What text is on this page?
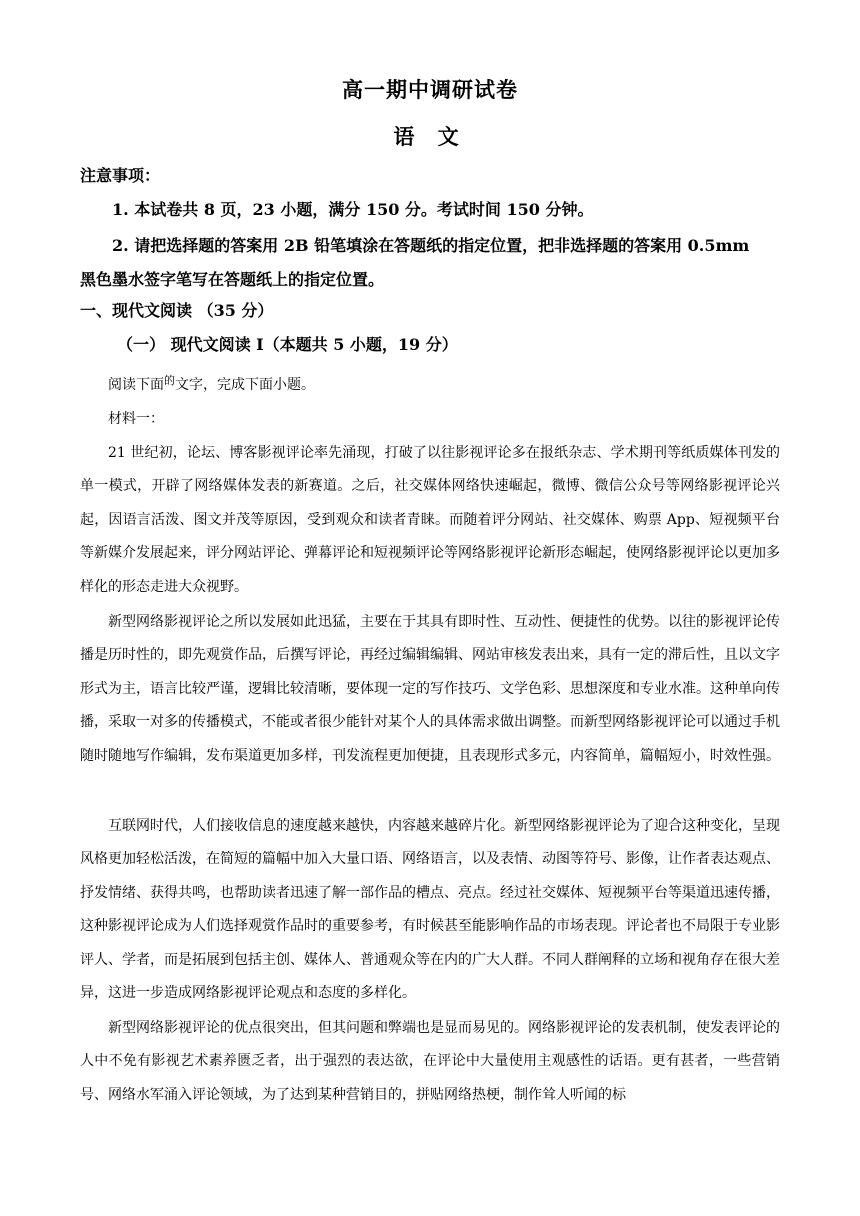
高一期中调研试卷
语 文
注意事项：
1. 本试卷共 8 页，23 小题，满分 150 分。考试时间 150 分钟。
2. 请把选择题的答案用 2B 铅笔填涂在答题纸的指定位置，把非选择题的答案用 0.5mm
黑色墨水签字笔写在答题纸上的指定位置。
一、现代文阅读 （35 分）
（一） 现代文阅读 I（本题共 5 小题，19 分）
阅读下面$^的$文字，完成下面小题。
材料一：

21 世纪初，论坛、博客影视评论率先涌现，打破了以往影视评论多在报纸杂志、学术期刊等纸质媒体刊发的单一模式，开辟了网络媒体发表的新赛道。之后，社交媒体网络快速崛起，微博、微信公众号等网络影视评论兴起，因语言活泼、图文并茂等原因，受到观众和读者青睐。而随着评分网站、社交媒体、购票 App、短视频平台等新媒介发展起来，评分网站评论、弹幕评论和短视频评论等网络影视评论新形态崛起，使网络影视评论以更加多样化的形态走进大众视野。

新型网络影视评论之所以发展如此迅猛，主要在于其具有即时性、互动性、便捷性的优势。以往的影视评论传播是历时性的，即先观赏作品，后撰写评论，再经过编辑编辑、网站审核发表出来，具有一定的滞后性，且以文字形式为主，语言比较严谨，逻辑比较清晰，要体现一定的写作技巧、文学色彩、思想深度和专业水准。这种单向传播，采取一对多的传播模式，不能或者很少能针对某个人的具体需求做出调整。而新型网络影视评论可以通过手机随时随地写作编辑，发布渠道更加多样，刊发流程更加便捷，且表现形式多元，内容简单，篇幅短小，时效性强。

互联网时代，人们接收信息的速度越来越快，内容越来越碎片化。新型网络影视评论为了迎合这种变化，呈现风格更加轻松活泼，在简短的篇幅中加入大量口语、网络语言，以及表情、动图等符号、影像，让作者表达观点、抒发情绪、获得共鸣，也帮助读者迅速了解一部作品的槽点、亮点。经过社交媒体、短视频平台等渠道迅速传播，这种影视评论成为人们选择观赏作品时的重要参考，有时候甚至能影响作品的市场表现。评论者也不局限于专业影评人、学者，而是拓展到包括主创、媒体人、普通观众等在内的广大人群。不同人群阐释的立场和视角存在很大差异，这进一步造成网络影视评论观点和态度的多样化。

新型网络影视评论的优点很突出，但其问题和弊端也是显而易见的。网络影视评论的发表机制，使发表评论的人中不免有影视艺术素养匮乏者，出于强烈的表达欲，在评论中大量使用主观感性的话语。更有甚者，一些营销号、网络水军涌入评论领域，为了达到某种营销目的，拼贴网络热梗，制作耸人听闻的标
